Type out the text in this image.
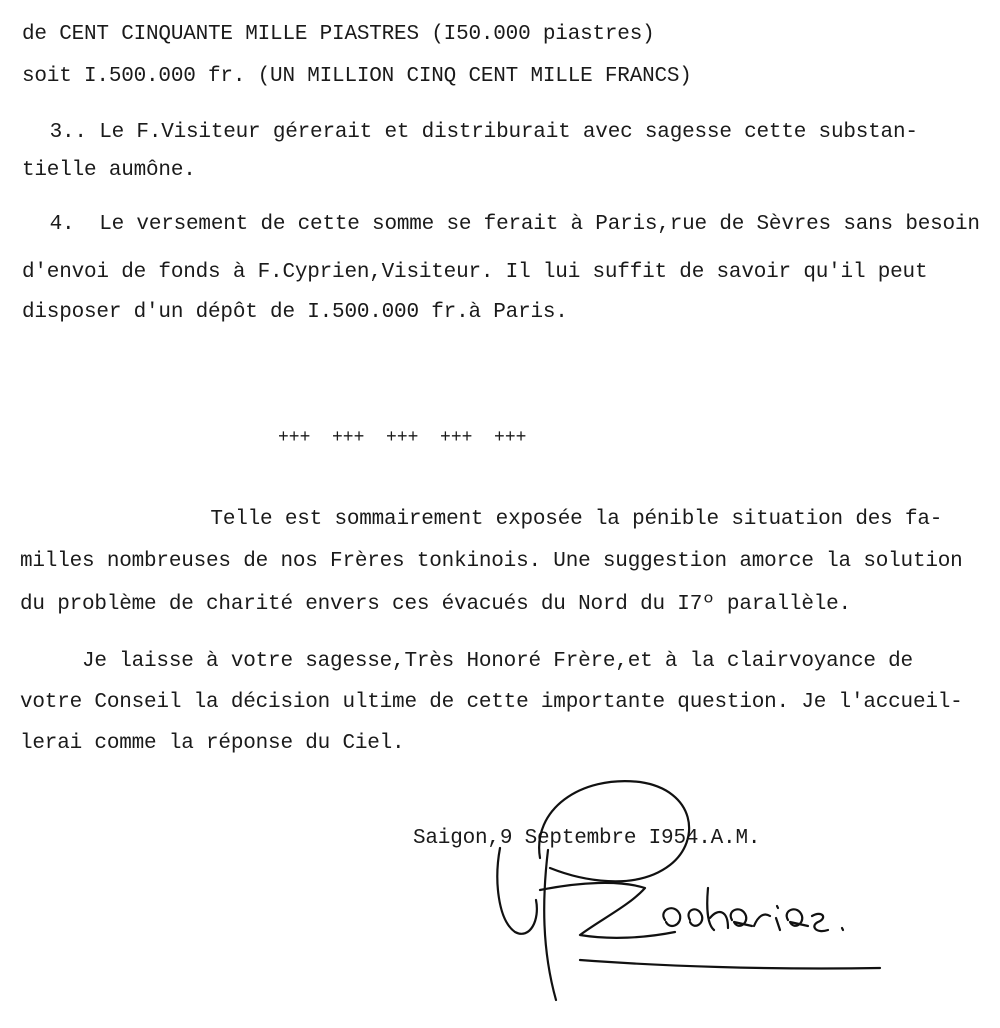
de CENT CINQUANTE MILLE PIASTRES (I50.000 piastres)
soit I.500.000 fr. (UN MILLION CINQ CENT MILLE FRANCS)
3.. Le F.Visiteur gérerait et distriburait avec sagesse cette substan-
tielle aumône.
4.  Le versement de cette somme se ferait à Paris,rue de Sèvres sans besoin
d'envoi de fonds à F.Cyprien,Visiteur. Il lui suffit de savoir qu'il peut
disposer d'un dépôt de I.500.000 fr.à Paris.
+++  +++  +++  +++  +++
Telle est sommairement exposée la pénible situation des fa-
milles nombreuses de nos Frères tonkinois. Une suggestion amorce la solution
du problème de charité envers ces évacués du Nord du I7º parallèle.
Je laisse à votre sagesse,Très Honoré Frère,et à la clairvoyance de
votre Conseil la décision ultime de cette importante question. Je l'accueil-
lerai comme la réponse du Ciel.
Saigon,9 Septembre I954.A.M.
